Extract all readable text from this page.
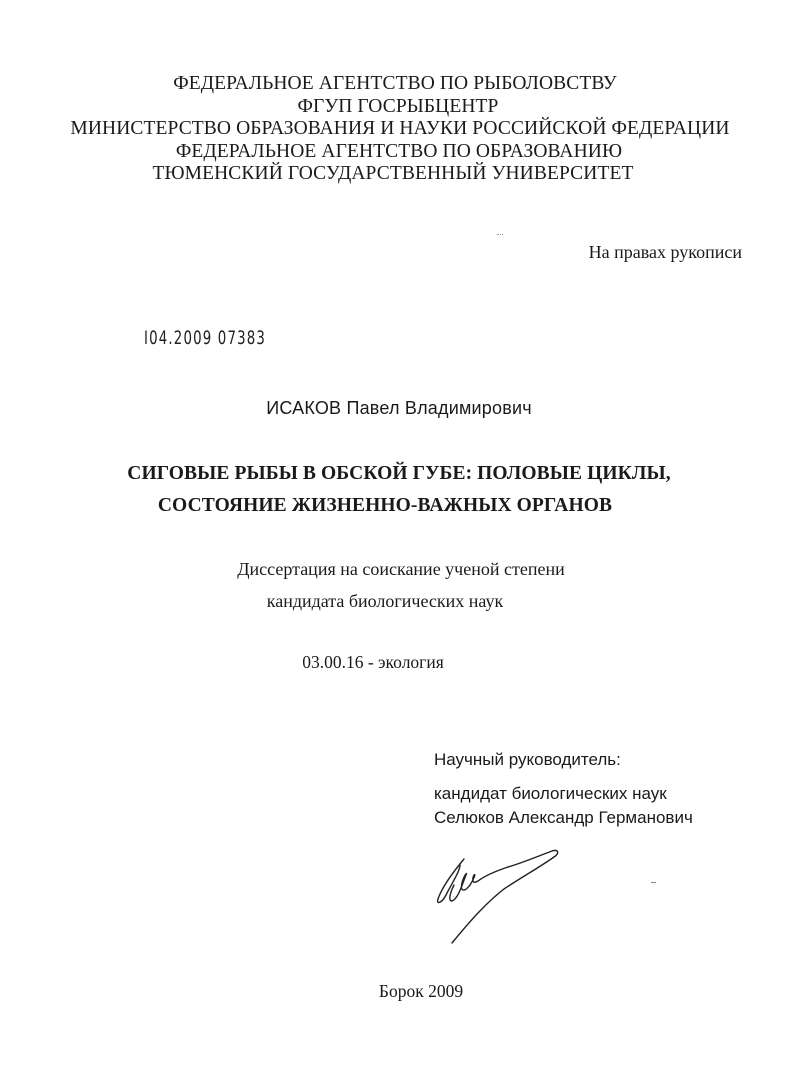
ФЕДЕРАЛЬНОЕ АГЕНТСТВО ПО РЫБОЛОВСТВУ
ФГУП ГОСРЫБЦЕНТР
МИНИСТЕРСТВО ОБРАЗОВАНИЯ И НАУКИ РОССИЙСКОЙ ФЕДЕРАЦИИ
ФЕДЕРАЛЬНОЕ АГЕНТСТВО ПО ОБРАЗОВАНИЮ
ТЮМЕНСКИЙ ГОСУДАРСТВЕННЫЙ УНИВЕРСИТЕТ
На правах рукописи
I04.2009 07383
ИСАКОВ Павел Владимирович
СИГОВЫЕ РЫБЫ В ОБСКОЙ ГУБЕ: ПОЛОВЫЕ ЦИКЛЫ,
СОСТОЯНИЕ ЖИЗНЕННО-ВАЖНЫХ ОРГАНОВ
Диссертация на соискание ученой степени
кандидата биологических наук
03.00.16 - экология
Научный руководитель:
кандидат биологических наук
Селюков Александр Германович
Борок 2009
